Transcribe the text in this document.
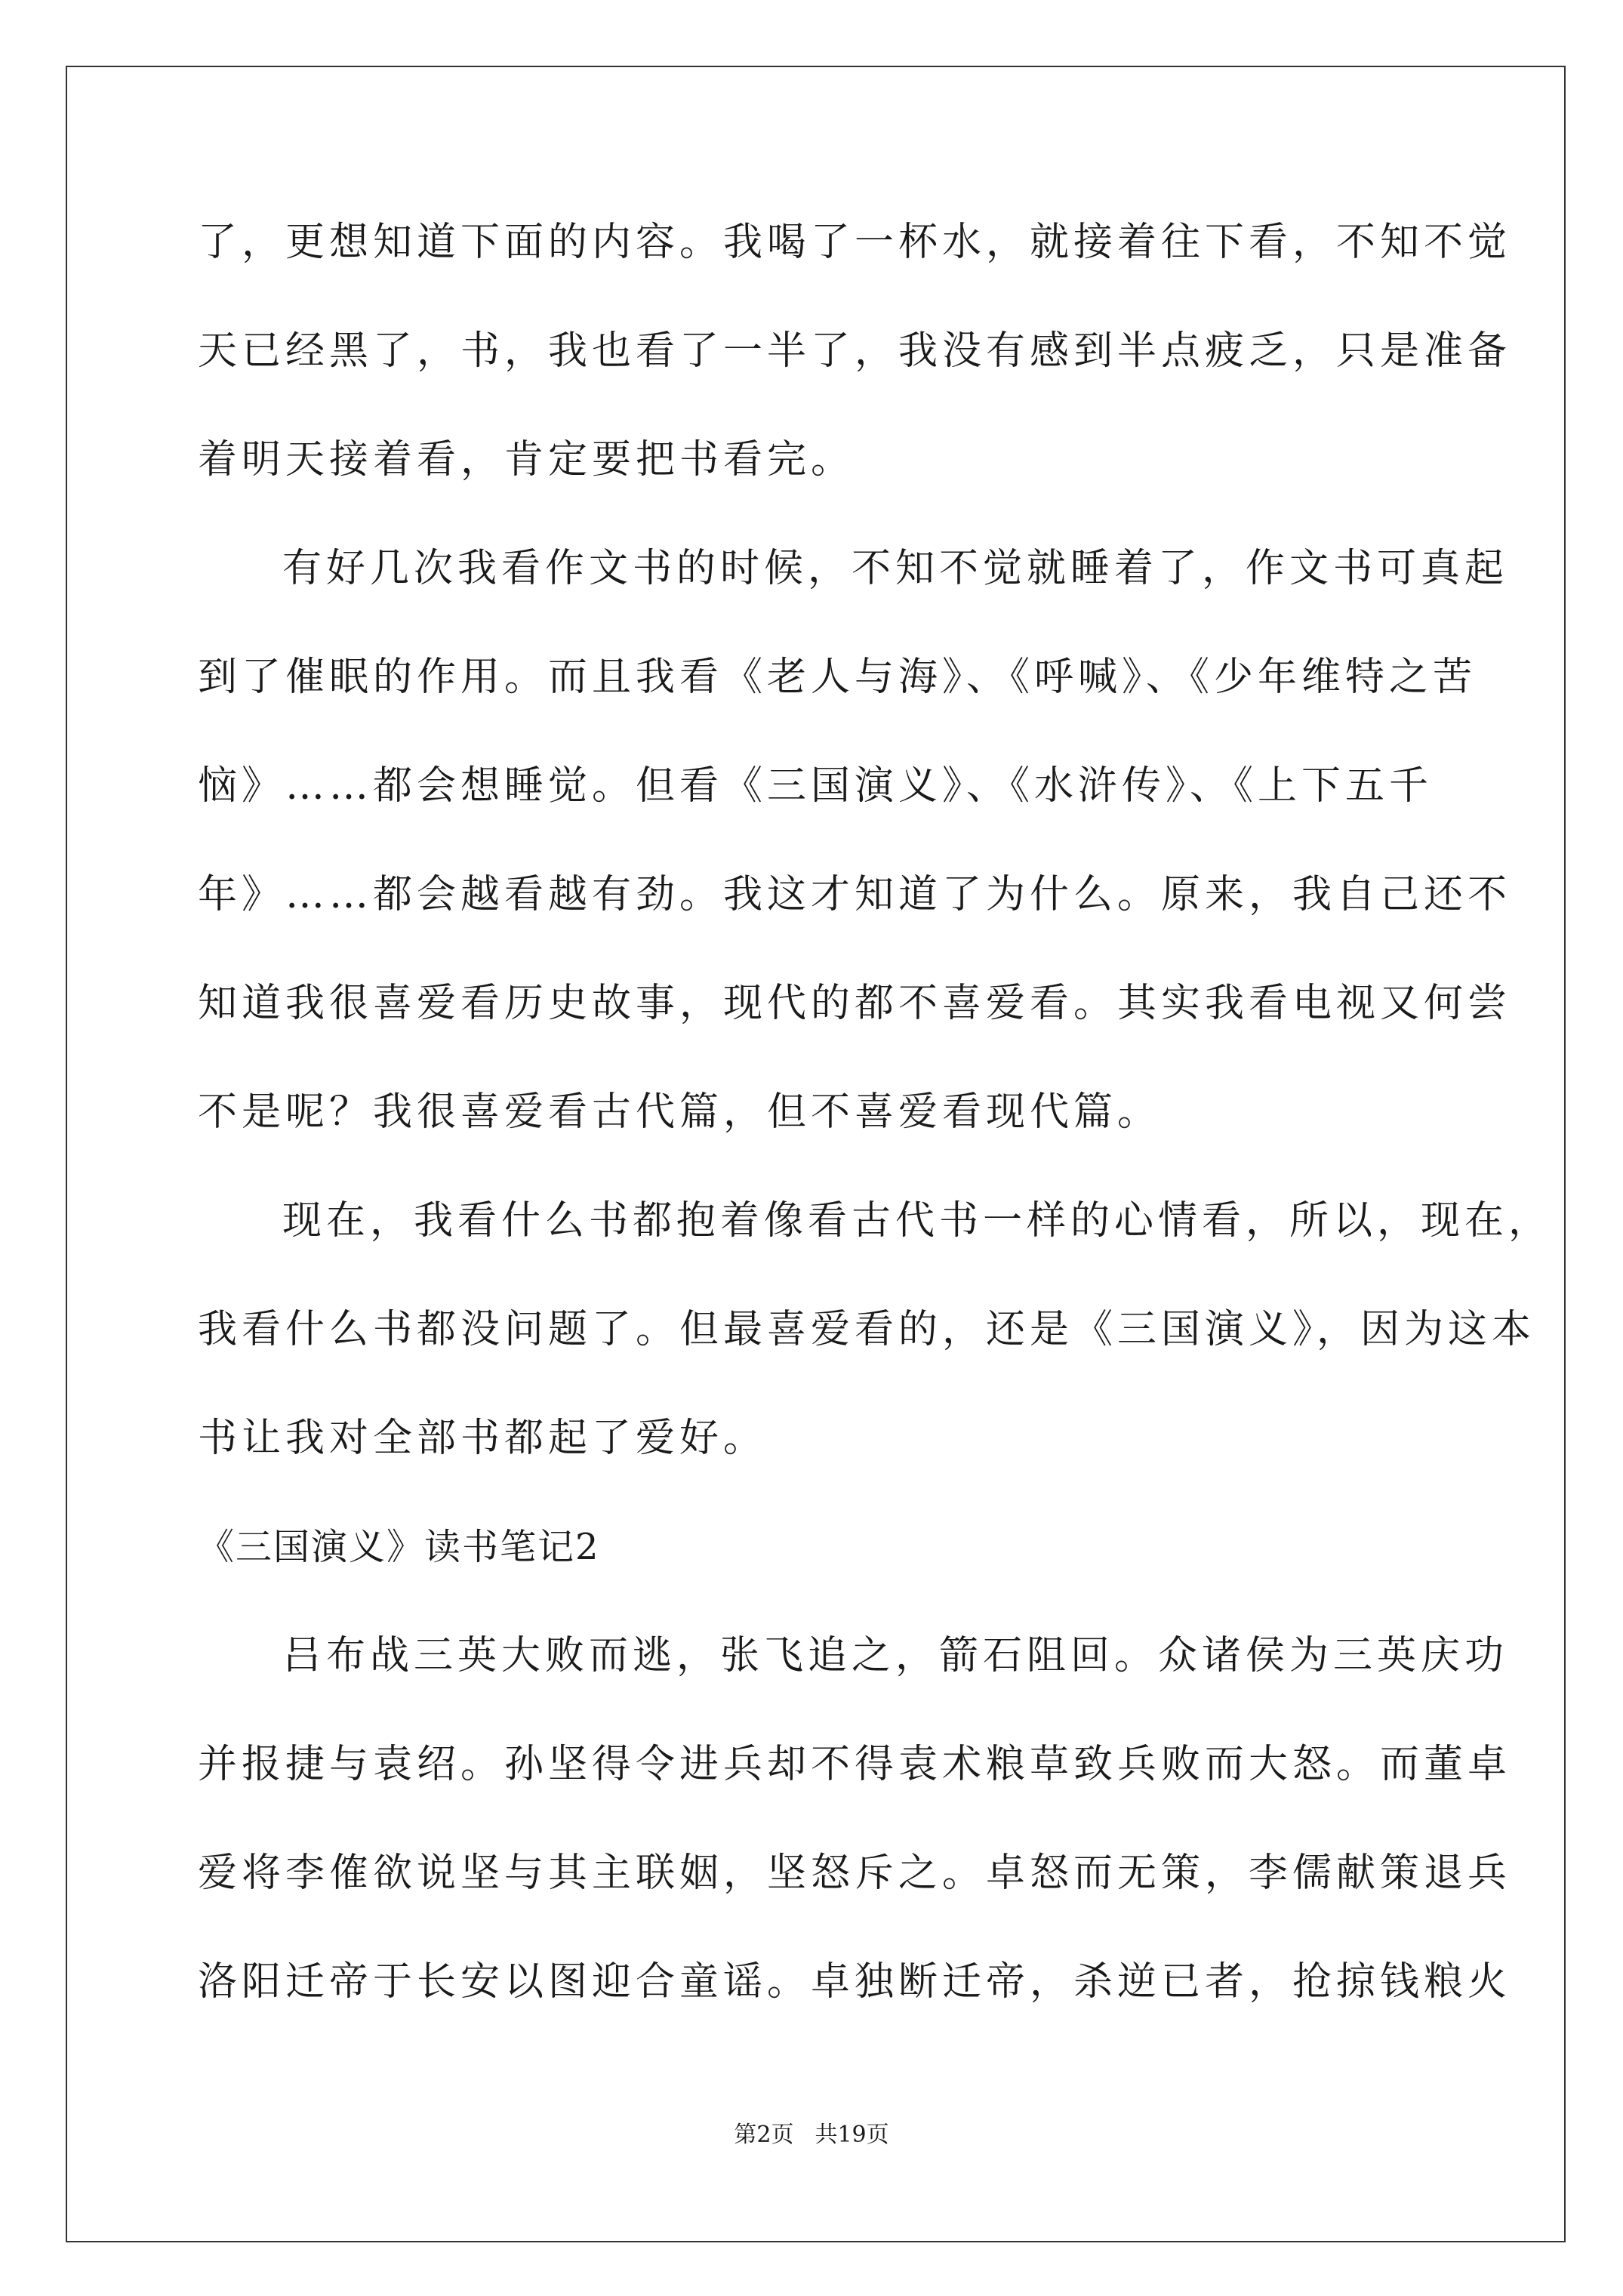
了，更想知道下面的内容。我喝了一杯水，就接着往下看，不知不觉

天已经黑了，书，我也看了一半了，我没有感到半点疲乏，只是准备

着明天接着看，肯定要把书看完。

有好几次我看作文书的时候，不知不觉就睡着了，作文书可真起

到了催眠的作用。而且我看《老人与海》、《呼喊》、《少年维特之苦

恼》……都会想睡觉。但看《三国演义》、《水浒传》、《上下五千

年》……都会越看越有劲。我这才知道了为什么。原来，我自己还不

知道我很喜爱看历史故事，现代的都不喜爱看。其实我看电视又何尝

不是呢？我很喜爱看古代篇，但不喜爱看现代篇。

现在，我看什么书都抱着像看古代书一样的心情看，所以，现在，

我看什么书都没问题了。但最喜爱看的，还是《三国演义》，因为这本

书让我对全部书都起了爱好。

《三国演义》读书笔记2

吕布战三英大败而逃，张飞追之，箭石阻回。众诸侯为三英庆功

并报捷与袁绍。孙坚得令进兵却不得袁术粮草致兵败而大怒。而董卓

爱将李傕欲说坚与其主联姻，坚怒斥之。卓怒而无策，李儒献策退兵

洛阳迁帝于长安以图迎合童谣。卓独断迁帝，杀逆已者，抢掠钱粮火

第2页 共19页
